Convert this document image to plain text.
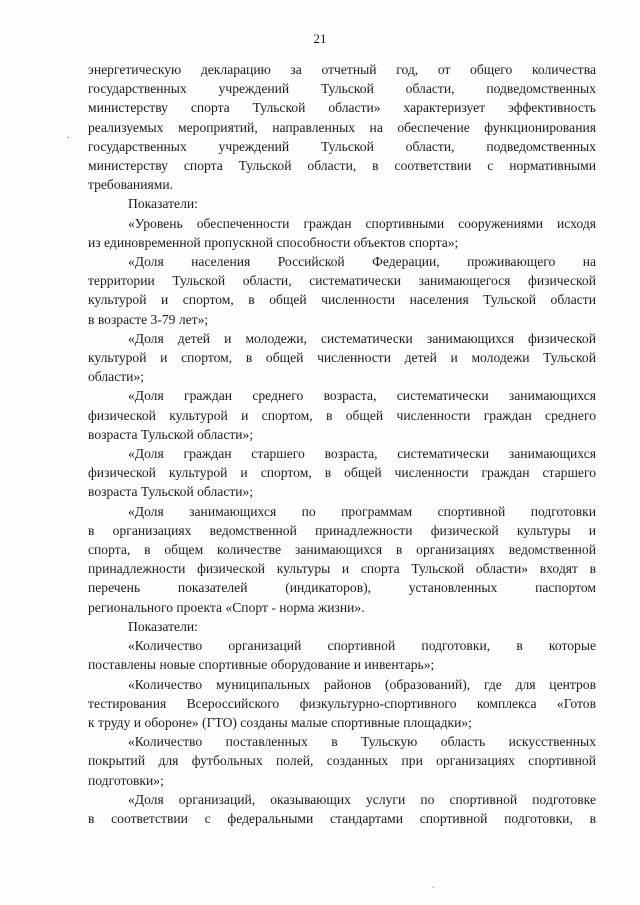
21
.

энергетическую декларацию за отчетный год, от общего количества

государственных учреждений Тульской области, подведомственных

министерству спорта Тульской области» характеризует эффективность

реализуемых мероприятий, направленных на обеспечение функционирования

государственных учреждений Тульской области, подведомственных

министерству спорта Тульской области, в соответствии с нормативными

требованиями.

Показатели:

«Уровень обеспеченности граждан спортивными сооружениями исходя

из единовременной пропускной способности объектов спорта»;

«Доля населения Российской Федерации, проживающего на

территории Тульской области, систематически занимающегося физической

культурой и спортом, в общей численности населения Тульской области

в возрасте 3-79 лет»;

«Доля детей и молодежи, систематически занимающихся физической

культурой и спортом, в общей численности детей и молодежи Тульской

области»;

«Доля граждан среднего возраста, систематически занимающихся

физической культурой и спортом, в общей численности граждан среднего

возраста Тульской области»;

«Доля граждан старшего возраста, систематически занимающихся

физической культурой и спортом, в общей численности граждан старшего

возраста Тульской области»;

«Доля занимающихся по программам спортивной подготовки

в организациях ведомственной принадлежности физической культуры и

спорта, в общем количестве занимающихся в организациях ведомственной

принадлежности физической культуры и спорта Тульской области» входят в

перечень показателей (индикаторов), установленных паспортом

регионального проекта «Спорт - норма жизни».

Показатели:

«Количество организаций спортивной подготовки, в которые

поставлены новые спортивные оборудование и инвентарь»;

«Количество муниципальных районов (образований), где для центров

тестирования Всероссийского физкультурно-спортивного комплекса «Готов

к труду и обороне» (ГТО) созданы малые спортивные площадки»;

«Количество поставленных в Тульскую область искусственных

покрытий для футбольных полей, созданных при организациях спортивной

подготовки»;

«Доля организаций, оказывающих услуги по спортивной подготовке

в соответствии с федеральными стандартами спортивной подготовки, в

.
